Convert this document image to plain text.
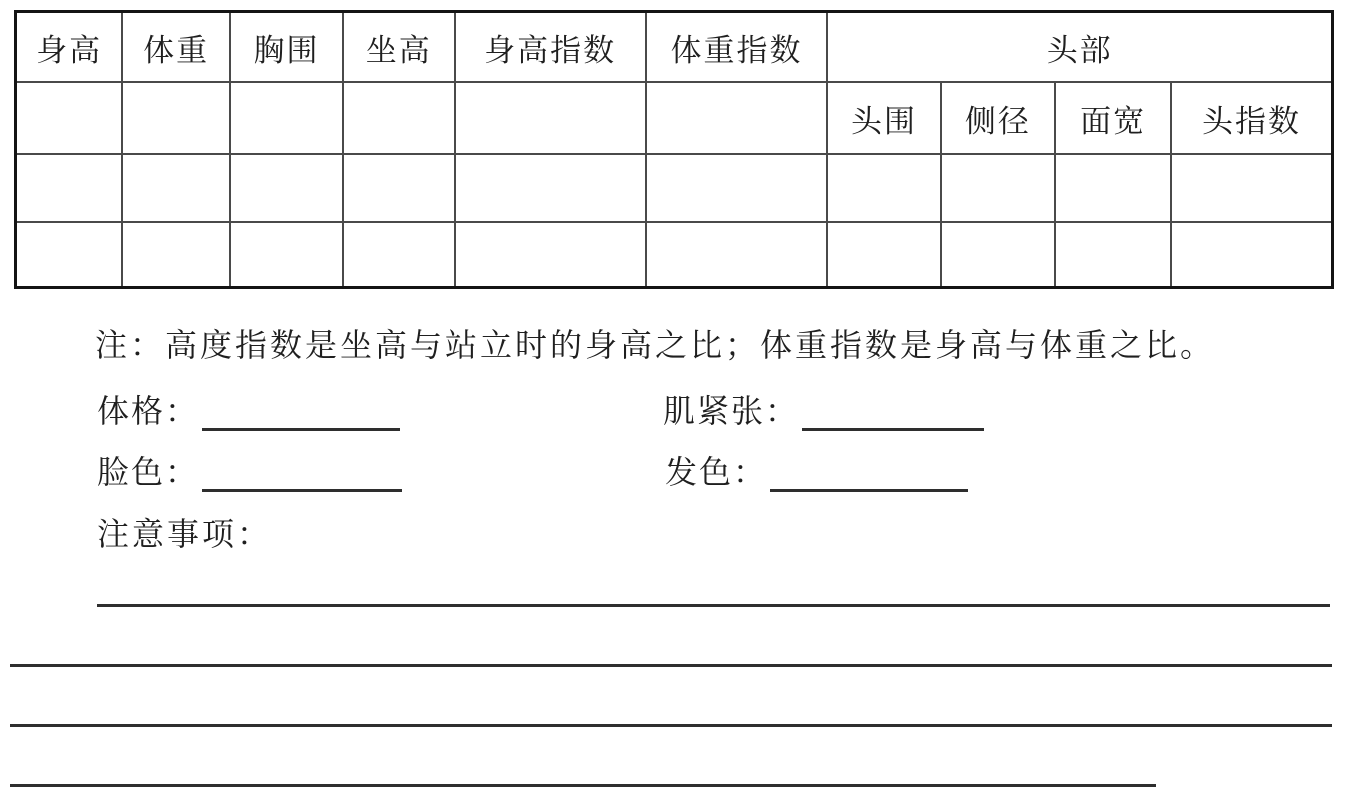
身高	体重	胸围	坐高	身高指数	体重指数	头部			
						头围	侧径	面宽	头指数

注：高度指数是坐高与站立时的身高之比；体重指数是身高与体重之比。
体格：	肌紧张：
脸色：	发色：
注意事项：
